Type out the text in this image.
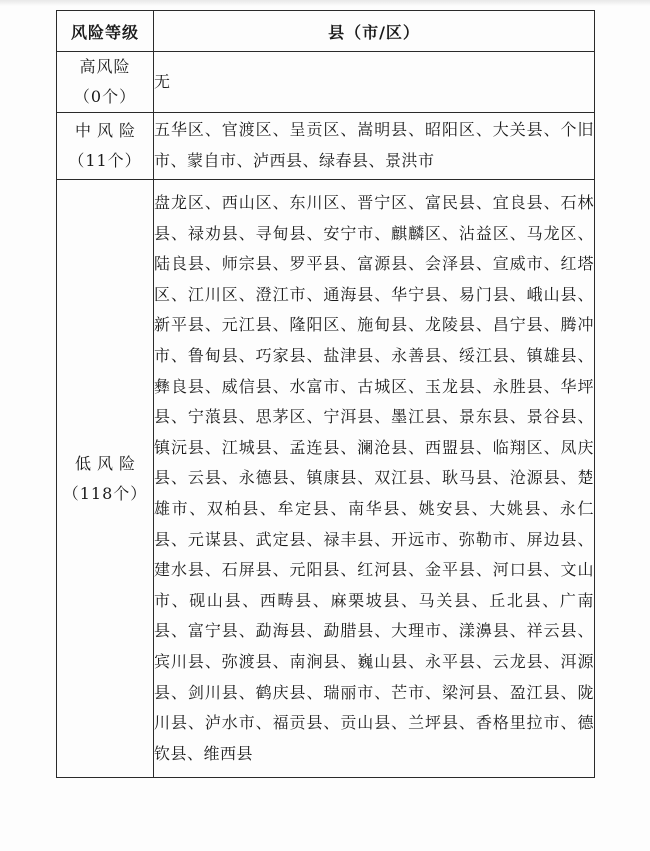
风险等级	县（市/区）

高风险
（0个）	无

中风险
（11个）	五华区、官渡区、呈贡区、嵩明县、昭阳区、大关县、个旧市、蒙自市、泸西县、绿春县、景洪市

低风险
（118个）	盘龙区、西山区、东川区、晋宁区、富民县、宜良县、石林县、禄劝县、寻甸县、安宁市、麒麟区、沾益区、马龙区、陆良县、师宗县、罗平县、富源县、会泽县、宣威市、红塔区、江川区、澄江市、通海县、华宁县、易门县、峨山县、新平县、元江县、隆阳区、施甸县、龙陵县、昌宁县、腾冲市、鲁甸县、巧家县、盐津县、永善县、绥江县、镇雄县、彝良县、威信县、水富市、古城区、玉龙县、永胜县、华坪县、宁蒗县、思茅区、宁洱县、墨江县、景东县、景谷县、镇沅县、江城县、孟连县、澜沧县、西盟县、临翔区、凤庆县、云县、永德县、镇康县、双江县、耿马县、沧源县、楚雄市、双柏县、牟定县、南华县、姚安县、大姚县、永仁县、元谋县、武定县、禄丰县、开远市、弥勒市、屏边县、建水县、石屏县、元阳县、红河县、金平县、河口县、文山市、砚山县、西畴县、麻栗坡县、马关县、丘北县、广南县、富宁县、勐海县、勐腊县、大理市、漾濞县、祥云县、宾川县、弥渡县、南涧县、巍山县、永平县、云龙县、洱源县、剑川县、鹤庆县、瑞丽市、芒市、梁河县、盈江县、陇川县、泸水市、福贡县、贡山县、兰坪县、香格里拉市、德钦县、维西县
